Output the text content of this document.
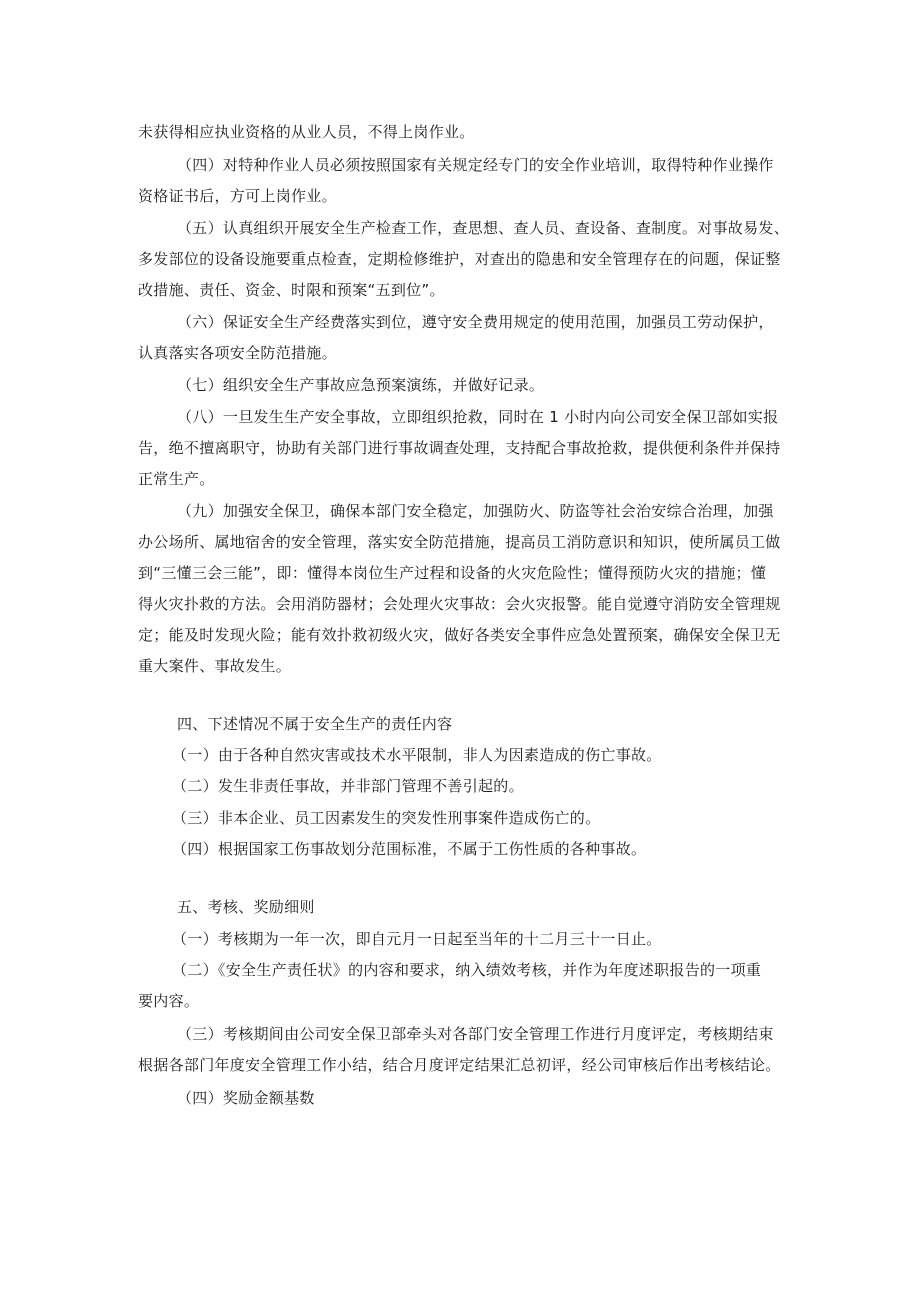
未获得相应执业资格的从业人员，不得上岗作业。
（四）对特种作业人员必须按照国家有关规定经专门的安全作业培训，取得特种作业操作
资格证书后，方可上岗作业。
（五）认真组织开展安全生产检查工作，查思想、查人员、查设备、查制度。对事故易发、
多发部位的设备设施要重点检查，定期检修维护，对查出的隐患和安全管理存在的问题，保证整
改措施、责任、资金、时限和预案“五到位”。
（六）保证安全生产经费落实到位，遵守安全费用规定的使用范围，加强员工劳动保护，
认真落实各项安全防范措施。
（七）组织安全生产事故应急预案演练，并做好记录。
（八）一旦发生生产安全事故，立即组织抢救，同时在 1 小时内向公司安全保卫部如实报
告，绝不擅离职守，协助有关部门进行事故调查处理，支持配合事故抢救，提供便利条件并保持
正常生产。
（九）加强安全保卫，确保本部门安全稳定，加强防火、防盗等社会治安综合治理，加强
办公场所、属地宿舍的安全管理，落实安全防范措施，提高员工消防意识和知识，使所属员工做
到“三懂三会三能”，即：懂得本岗位生产过程和设备的火灾危险性；懂得预防火灾的措施；懂
得火灾扑救的方法。会用消防器材；会处理火灾事故：会火灾报警。能自觉遵守消防安全管理规
定；能及时发现火险；能有效扑救初级火灾，做好各类安全事件应急处置预案，确保安全保卫无
重大案件、事故发生。
四、下述情况不属于安全生产的责任内容
（一）由于各种自然灾害或技术水平限制，非人为因素造成的伤亡事故。
（二）发生非责任事故，并非部门管理不善引起的。
（三）非本企业、员工因素发生的突发性刑事案件造成伤亡的。
（四）根据国家工伤事故划分范围标准，不属于工伤性质的各种事故。
五、考核、奖励细则
（一）考核期为一年一次，即自元月一日起至当年的十二月三十一日止。
（二）《安全生产责任状》的内容和要求，纳入绩效考核，并作为年度述职报告的一项重
要内容。
（三）考核期间由公司安全保卫部牵头对各部门安全管理工作进行月度评定，考核期结束
根据各部门年度安全管理工作小结，结合月度评定结果汇总初评，经公司审核后作出考核结论。
（四）奖励金额基数
